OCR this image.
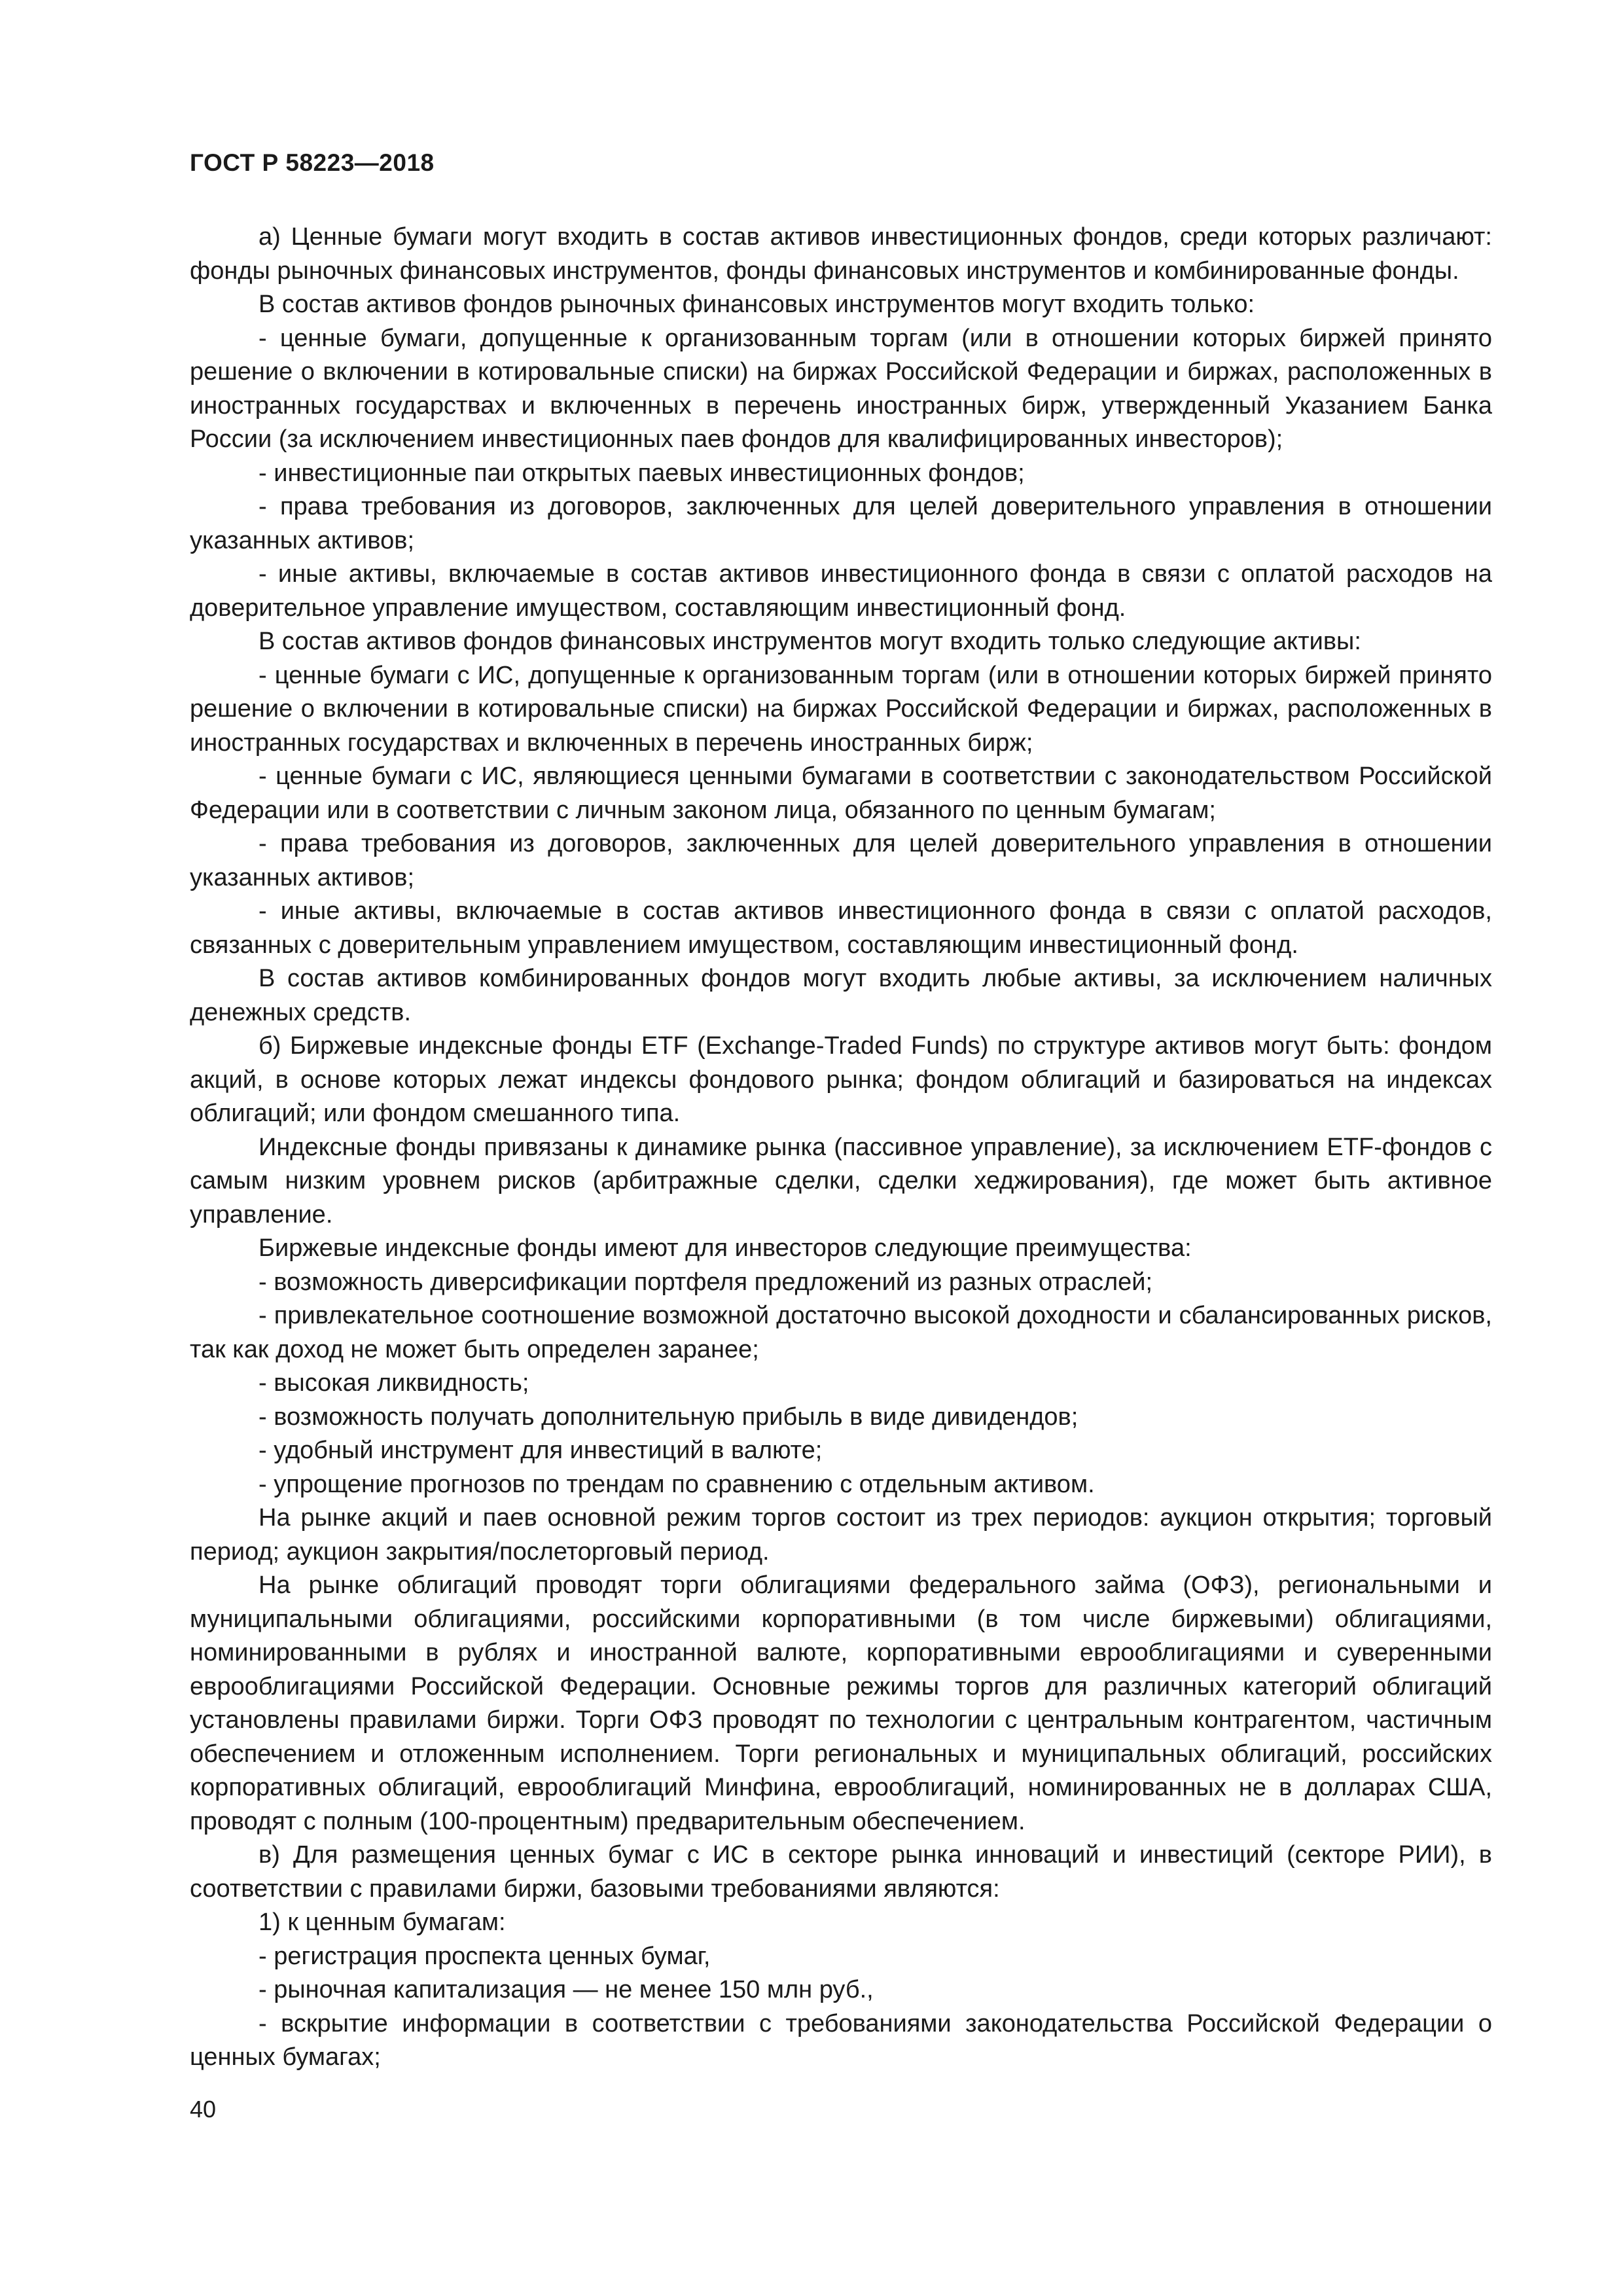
ГОСТ Р 58223—2018

а) Ценные бумаги могут входить в состав активов инвестиционных фондов, среди которых различают: фонды рыночных финансовых инструментов, фонды финансовых инструментов и комбинированные фонды.

В состав активов фондов рыночных финансовых инструментов могут входить только:

- ценные бумаги, допущенные к организованным торгам (или в отношении которых биржей принято решение о включении в котировальные списки) на биржах Российской Федерации и биржах, расположенных в иностранных государствах и включенных в перечень иностранных бирж, утвержденный Указанием Банка России (за исключением инвестиционных паев фондов для квалифицированных инвесторов);

- инвестиционные паи открытых паевых инвестиционных фондов;

- права требования из договоров, заключенных для целей доверительного управления в отношении указанных активов;

- иные активы, включаемые в состав активов инвестиционного фонда в связи с оплатой расходов на доверительное управление имуществом, составляющим инвестиционный фонд.

В состав активов фондов финансовых инструментов могут входить только следующие активы:

- ценные бумаги с ИС, допущенные к организованным торгам (или в отношении которых биржей принято решение о включении в котировальные списки) на биржах Российской Федерации и биржах, расположенных в иностранных государствах и включенных в перечень иностранных бирж;

- ценные бумаги с ИС, являющиеся ценными бумагами в соответствии с законодательством Российской Федерации или в соответствии с личным законом лица, обязанного по ценным бумагам;

- права требования из договоров, заключенных для целей доверительного управления в отношении указанных активов;

- иные активы, включаемые в состав активов инвестиционного фонда в связи с оплатой расходов, связанных с доверительным управлением имуществом, составляющим инвестиционный фонд.

В состав активов комбинированных фондов могут входить любые активы, за исключением наличных денежных средств.

б) Биржевые индексные фонды ETF (Exchange-Traded Funds) по структуре активов могут быть: фондом акций, в основе которых лежат индексы фондового рынка; фондом облигаций и базироваться на индексах облигаций; или фондом смешанного типа.

Индексные фонды привязаны к динамике рынка (пассивное управление), за исключением ETF-фондов с самым низким уровнем рисков (арбитражные сделки, сделки хеджирования), где может быть активное управление.

Биржевые индексные фонды имеют для инвесторов следующие преимущества:

- возможность диверсификации портфеля предложений из разных отраслей;

- привлекательное соотношение возможной достаточно высокой доходности и сбалансированных рисков, так как доход не может быть определен заранее;

- высокая ликвидность;

- возможность получать дополнительную прибыль в виде дивидендов;

- удобный инструмент для инвестиций в валюте;

- упрощение прогнозов по трендам по сравнению с отдельным активом.

На рынке акций и паев основной режим торгов состоит из трех периодов: аукцион открытия; торговый период; аукцион закрытия/послеторговый период.

На рынке облигаций проводят торги облигациями федерального займа (ОФЗ), региональными и муниципальными облигациями, российскими корпоративными (в том числе биржевыми) облигациями, номинированными в рублях и иностранной валюте, корпоративными еврооблигациями и суверенными еврооблигациями Российской Федерации. Основные режимы торгов для различных категорий облигаций установлены правилами биржи. Торги ОФЗ проводят по технологии с центральным контрагентом, частичным обеспечением и отложенным исполнением. Торги региональных и муниципальных облигаций, российских корпоративных облигаций, еврооблигаций Минфина, еврооблигаций, номинированных не в долларах США, проводят с полным (100-процентным) предварительным обеспечением.

в) Для размещения ценных бумаг с ИС в секторе рынка инноваций и инвестиций (секторе РИИ), в соответствии с правилами биржи, базовыми требованиями являются:

1) к ценным бумагам:

- регистрация проспекта ценных бумаг,

- рыночная капитализация — не менее 150 млн руб.,

- вскрытие информации в соответствии с требованиями законодательства Российской Федерации о ценных бумагах;

40
